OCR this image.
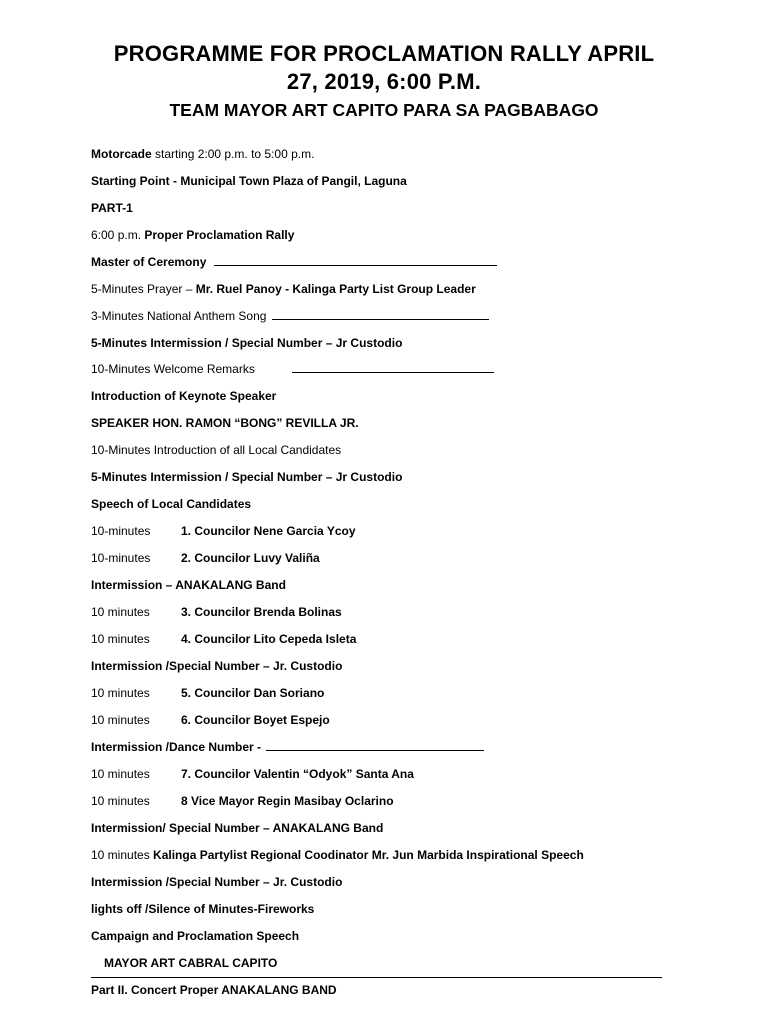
PROGRAMME FOR PROCLAMATION RALLY APRIL
27, 2019, 6:00 P.M.
TEAM MAYOR ART CAPITO PARA SA PAGBABAGO
Motorcade starting 2:00 p.m. to 5:00 p.m.
Starting Point - Municipal Town Plaza of Pangil, Laguna
PART-1
6:00 p.m. Proper Proclamation Rally
Master of Ceremony
5-Minutes Prayer – Mr. Ruel Panoy - Kalinga Party List Group Leader
3-Minutes National Anthem Song
5-Minutes Intermission / Special Number – Jr Custodio
10-Minutes Welcome Remarks
Introduction of Keynote Speaker
SPEAKER HON. RAMON “BONG” REVILLA JR.
10-Minutes Introduction of all Local Candidates
5-Minutes Intermission / Special Number – Jr Custodio
Speech of Local Candidates
10-minutes	1. Councilor Nene Garcia Ycoy
10-minutes	2. Councilor Luvy Valiña
Intermission – ANAKALANG Band
10 minutes	3. Councilor Brenda Bolinas
10 minutes	4. Councilor Lito Cepeda Isleta
Intermission /Special Number – Jr. Custodio
10 minutes	5. Councilor Dan Soriano
10 minutes	6. Councilor Boyet Espejo
Intermission /Dance Number -
10 minutes	7. Councilor Valentin “Odyok” Santa Ana
10 minutes	8 Vice Mayor Regin Masibay Oclarino
Intermission/ Special Number – ANAKALANG Band
10 minutes Kalinga Partylist Regional Coodinator Mr. Jun Marbida Inspirational Speech
Intermission /Special Number – Jr. Custodio
lights off /Silence of Minutes-Fireworks
Campaign and Proclamation Speech
MAYOR ART CABRAL CAPITO
Part II. Concert Proper ANAKALANG BAND
